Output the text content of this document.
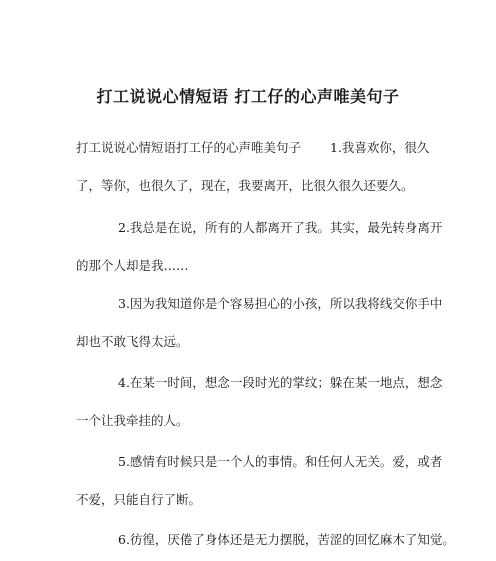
打工说说心情短语 打工仔的心声唯美句子
打工说说心情短语打工仔的心声唯美句子 1.我喜欢你，很久
了，等你，也很久了，现在，我要离开，比很久很久还要久。
2.我总是在说，所有的人都离开了我。其实，最先转身离开
的那个人却是我……
3.因为我知道你是个容易担心的小孩，所以我将线交你手中
却也不敢飞得太远。
4.在某一时间，想念一段时光的掌纹；躲在某一地点，想念
一个让我牵挂的人。
5.感情有时候只是一个人的事情。和任何人无关。爱，或者
不爱，只能自行了断。
6.彷徨，厌倦了身体还是无力摆脱，苦涩的回忆麻木了知觉。
